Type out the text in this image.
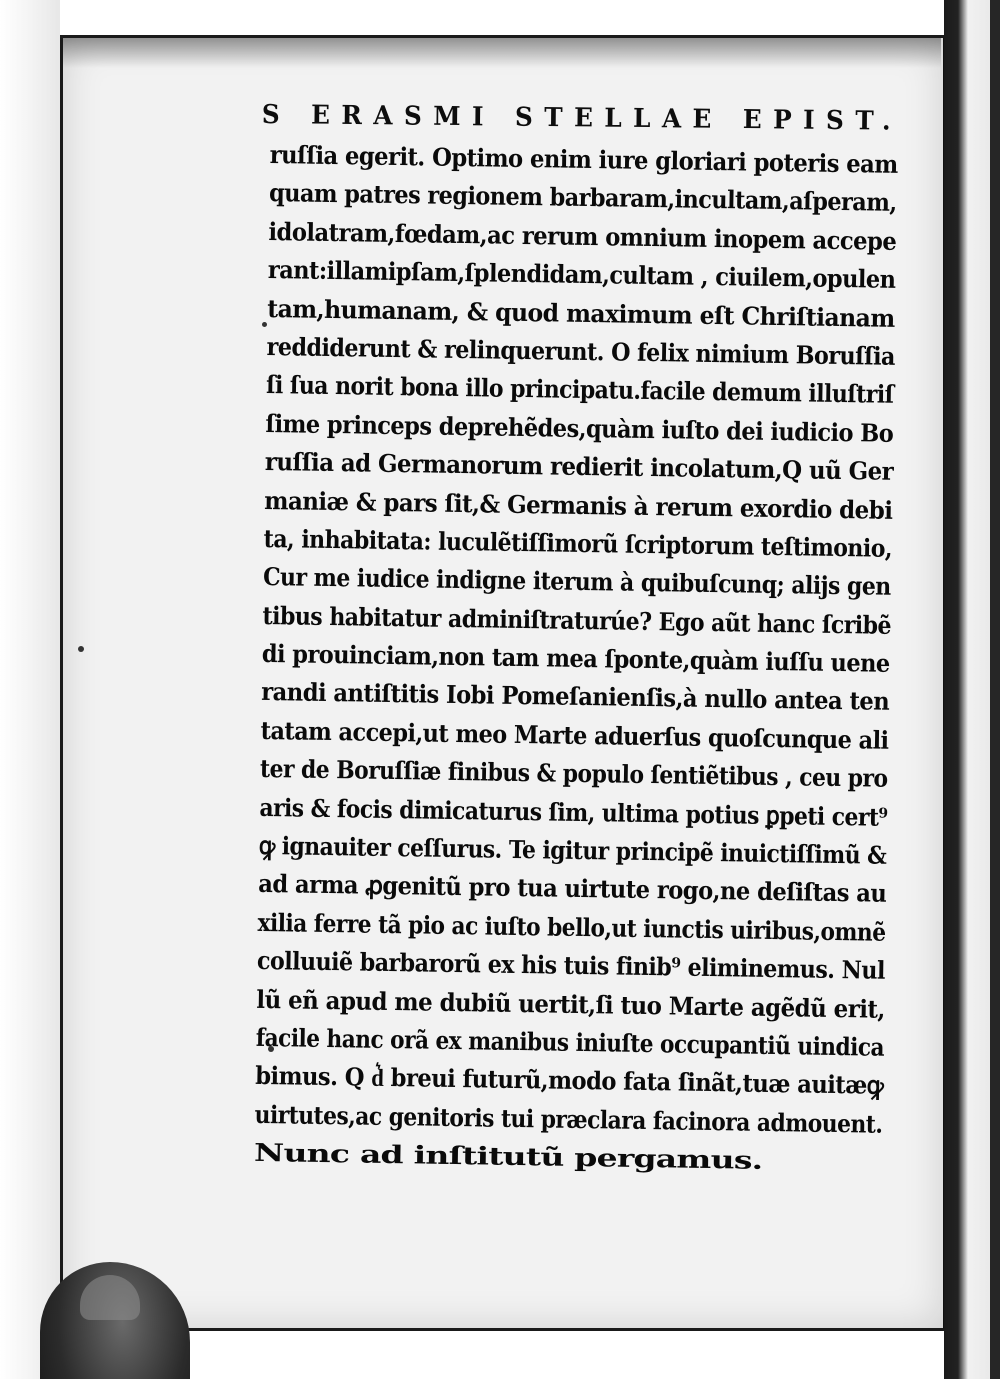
S ERASMI STELLAE EPIST.
ruſſia egerit. Optimo enim iure gloriari poteris eam
quam patres regionem barbaram,incultam,aſperam,
idolatram,fœdam,ac rerum omnium inopem accepe
rant:illamipſam,ſplendidam,cultam , ciuilem,opulen
tam,humanam, & quod maximum eſt Chriſtianam
reddiderunt & relinquerunt. O felix nimium Boruſſia
ſi ſua norit bona illo principatu.facile demum illuſtriſ
ſime princeps deprehẽdes,quàm iuſto dei iudicio Bo
ruſſia ad Germanorum redierit incolatum,Q uũ Ger
maniæ & pars ſit,& Germanis à rerum exordio debi
ta, inhabitata: luculẽtiſſimorũ ſcriptorum teſtimonio,
Cur me iudice indigne iterum à quibuſcunq; alijs gen
tibus habitatur adminiſtraturúe? Ego aũt hanc ſcribẽ
di prouinciam,non tam mea ſponte,quàm iuſſu uene
randi antiſtitis Iobi Pomeſanienſis,à nullo antea ten
tatam accepi,ut meo Marte aduerſus quoſcunque ali
ter de Boruſſiæ finibus & populo ſentiẽtibus , ceu pro
aris & focis dimicaturus ſim, ultima potius ꝑpeti cert⁹
ꝙ ignauiter ceſſurus. Te igitur principẽ inuictiſſimũ &
ad arma ꝓgenitũ pro tua uirtute rogo,ne deſiſtas au
xilia ferre tã pio ac iuſto bello,ut iunctis uiribus,omnẽ
colluuiẽ barbarorũ ex his tuis finib⁹ eliminemus. Nul
lũ eñ apud me dubiũ uertit,ſi tuo Marte agẽdũ erit,
facile hanc orã ex manibus iniuſte occupantiũ uindica
bimus. Q d͛ breui futurũ,modo fata ſinãt,tuæ auitæꝙ
uirtutes,ac genitoris tui præclara facinora admouent.
Nunc ad inſtitutũ pergamus.
